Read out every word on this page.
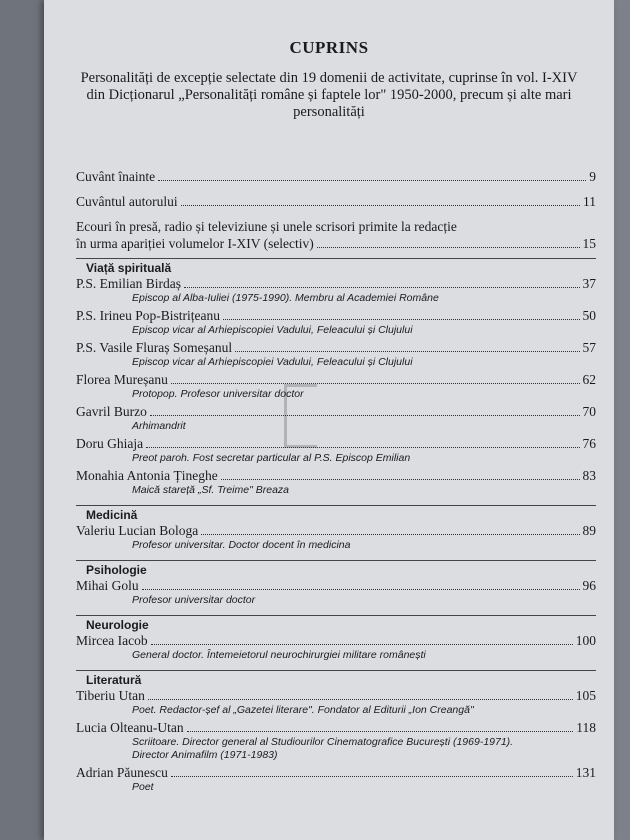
CUPRINS
Personalități de excepție selectate din 19 domenii de activitate, cuprinse în vol. I-XIV din Dicționarul „Personalități române și faptele lor" 1950-2000, precum și alte mari personalități
Cuvânt înainte	9
Cuvântul autorului	11
Ecouri în presă, radio și televiziune și unele scrisori primite la redacție
în urma apariției volumelor I-XIV (selectiv)	15
Viață spirituală
P.S. Emilian Birdaș	37
Episcop al Alba-Iuliei (1975-1990). Membru al Academiei Române
P.S. Irineu Pop-Bistrițeanu	50
Episcop vicar al Arhiepiscopiei Vadului, Feleacului și Clujului
P.S. Vasile Fluraș Someșanul	57
Episcop vicar al Arhiepiscopiei Vadului, Feleacului și Clujului
Florea Mureșanu	62
Protopop. Profesor universitar doctor
Gavril Burzo	70
Arhimandrit
Doru Ghiaja	76
Preot paroh. Fost secretar particular al P.S. Episcop Emilian
Monahia Antonia Țineghe	83
Maică stareță „Sf. Treime" Breaza
Medicină
Valeriu Lucian Bologa	89
Profesor universitar. Doctor docent în medicina
Psihologie
Mihai Golu	96
Profesor universitar doctor
Neurologie
Mircea Iacob	100
General doctor. Întemeietorul neurochirurgiei militare românești
Literatură
Tiberiu Utan	105
Poet. Redactor-șef al „Gazetei literare". Fondator al Editurii „Ion Creangă"
Lucia Olteanu-Utan	118
Scriitoare. Director general al Studiourilor Cinematografice București (1969-1971).
Director Animafilm (1971-1983)
Adrian Păunescu	131
Poet
